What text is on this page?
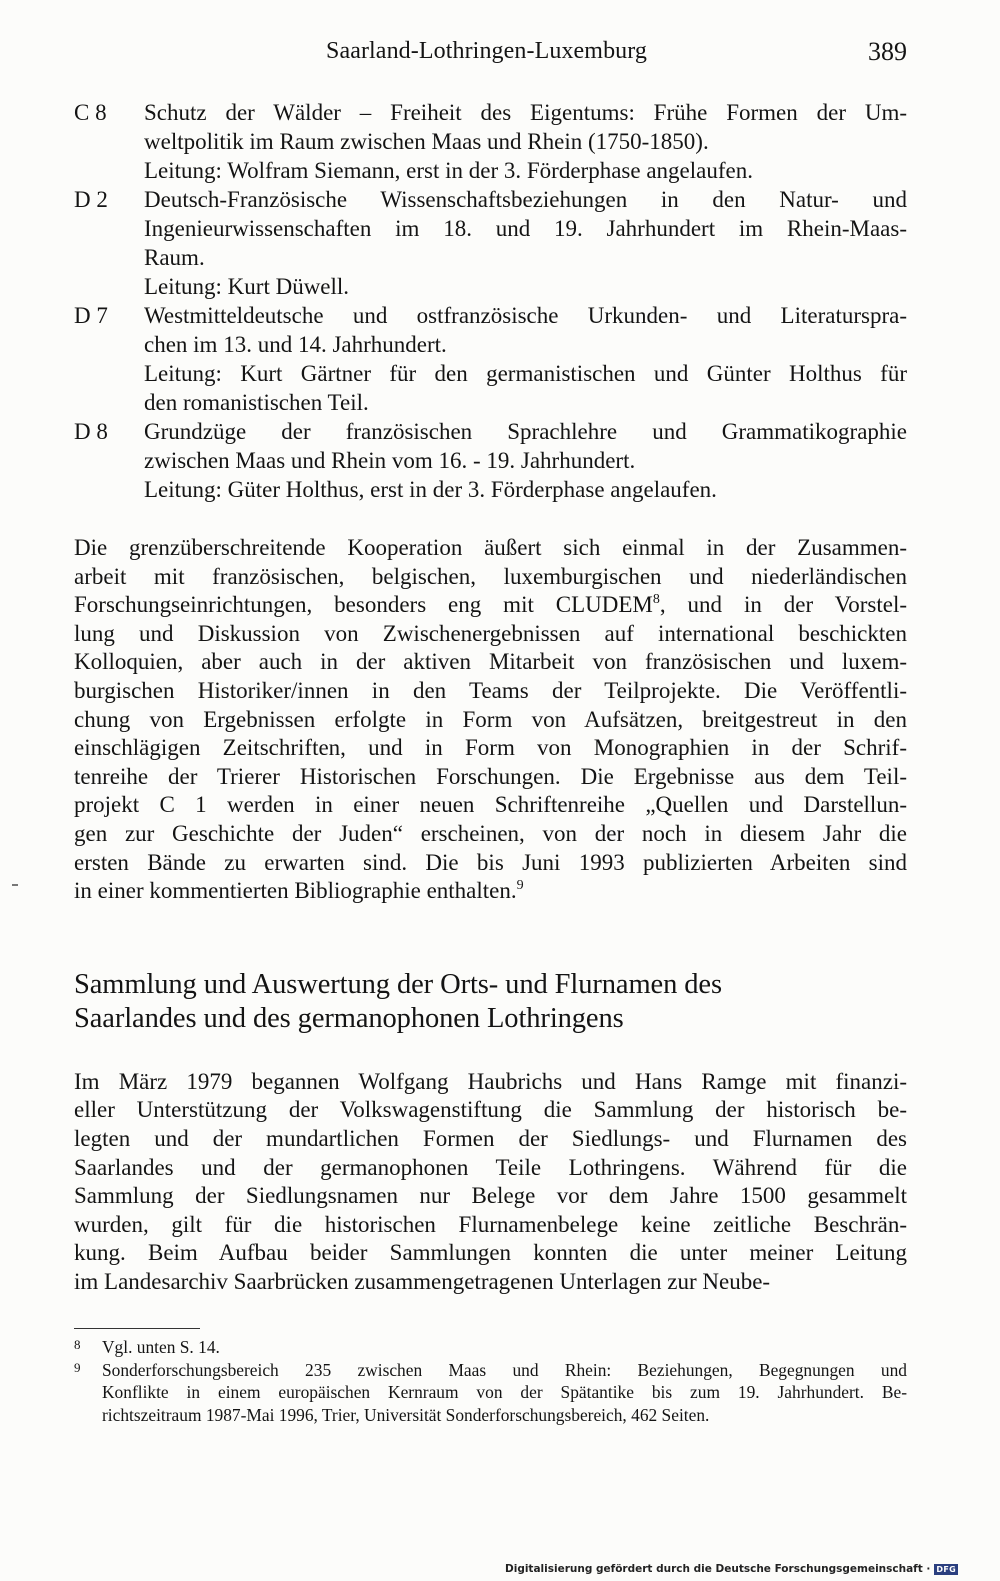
Saarland-Lothringen-Luxemburg	389
C 8	Schutz der Wälder – Freiheit des Eigentums: Frühe Formen der Um-

weltpolitik im Raum zwischen Maas und Rhein (1750-1850).

Leitung: Wolfram Siemann, erst in der 3. Förderphase angelaufen.

D 2	Deutsch-Französische Wissenschaftsbeziehungen in den Natur- und

Ingenieurwissenschaften im 18. und 19. Jahrhundert im Rhein-Maas-

Raum.

Leitung: Kurt Düwell.

D 7	Westmitteldeutsche und ostfranzösische Urkunden- und Literaturspra-

chen im 13. und 14. Jahrhundert.

Leitung: Kurt Gärtner für den germanistischen und Günter Holthus für

den romanistischen Teil.

D 8	Grundzüge der französischen Sprachlehre und Grammatikographie

zwischen Maas und Rhein vom 16. - 19. Jahrhundert.

Leitung: Güter Holthus, erst in der 3. Förderphase angelaufen.

Die grenzüberschreitende Kooperation äußert sich einmal in der Zusammen-
arbeit mit französischen, belgischen, luxemburgischen und niederländischen
Forschungseinrichtungen, besonders eng mit CLUDEM$^8$, und in der Vorstel-
lung und Diskussion von Zwischenergebnissen auf international beschickten
Kolloquien, aber auch in der aktiven Mitarbeit von französischen und luxem-
burgischen Historiker/innen in den Teams der Teilprojekte. Die Veröffentli-
chung von Ergebnissen erfolgte in Form von Aufsätzen, breitgestreut in den
einschlägigen Zeitschriften, und in Form von Monographien in der Schrif-
tenreihe der Trierer Historischen Forschungen. Die Ergebnisse aus dem Teil-
projekt C 1 werden in einer neuen Schriftenreihe „Quellen und Darstellun-
gen zur Geschichte der Juden“ erscheinen, von der noch in diesem Jahr die
ersten Bände zu erwarten sind. Die bis Juni 1993 publizierten Arbeiten sind
in einer kommentierten Bibliographie enthalten.$^9$
Sammlung und Auswertung der Orts- und Flurnamen des
Saarlandes und des germanophonen Lothringens
Im März 1979 begannen Wolfgang Haubrichs und Hans Ramge mit finanzi-
eller Unterstützung der Volkswagenstiftung die Sammlung der historisch be-
legten und der mundartlichen Formen der Siedlungs- und Flurnamen des
Saarlandes und der germanophonen Teile Lothringens. Während für die
Sammlung der Siedlungsnamen nur Belege vor dem Jahre 1500 gesammelt
wurden, gilt für die historischen Flurnamenbelege keine zeitliche Beschrän-
kung. Beim Aufbau beider Sammlungen konnten die unter meiner Leitung
im Landesarchiv Saarbrücken zusammengetragenen Unterlagen zur Neube-
8	Vgl. unten S. 14.
9	Sonderforschungsbereich 235 zwischen Maas und Rhein: Beziehungen, Begegnungen und
Konflikte in einem europäischen Kernraum von der Spätantike bis zum 19. Jahrhundert. Be-
richtszeitraum 1987-Mai 1996, Trier, Universität Sonderforschungsbereich, 462 Seiten.
Digitalisierung gefördert durch die Deutsche Forschungsgemeinschaft · DFG
